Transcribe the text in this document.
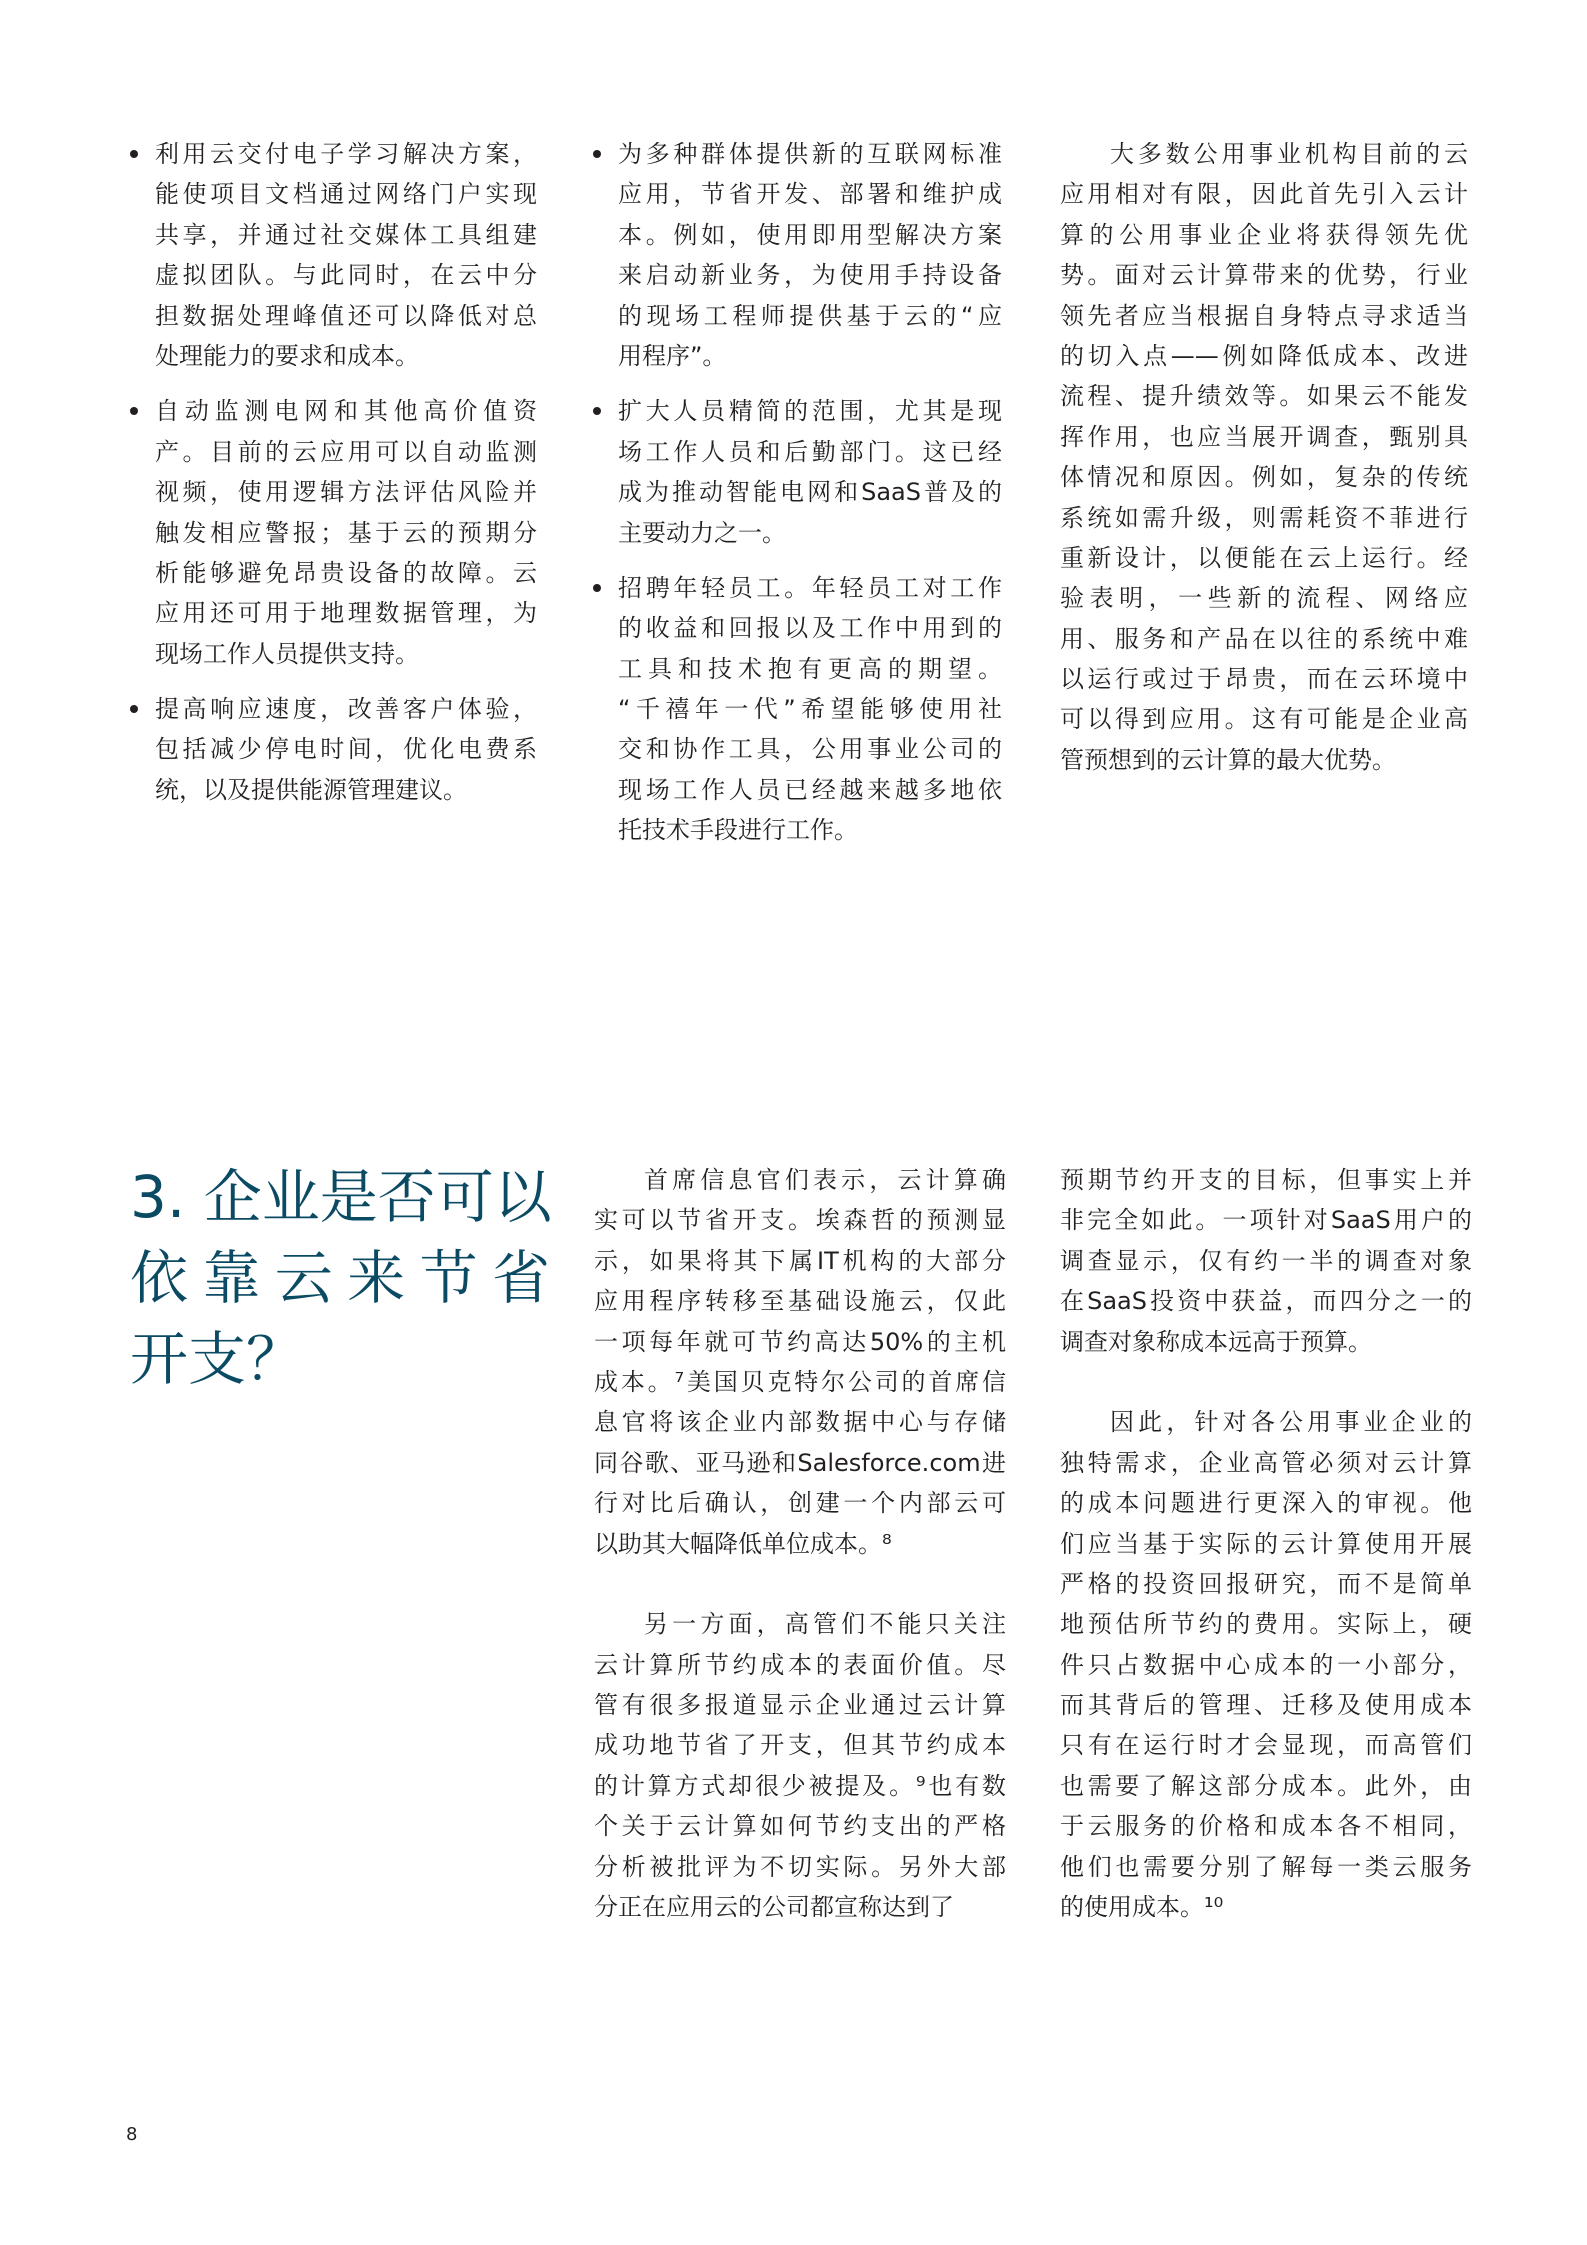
利用云交付电子学习解决方案，
能使项目文档通过网络门户实现
共享，并通过社交媒体工具组建
虚拟团队。与此同时，在云中分
担数据处理峰值还可以降低对总
处理能力的要求和成本。
自动监测电网和其他高价值资
产。目前的云应用可以自动监测
视频，使用逻辑方法评估风险并
触发相应警报；基于云的预期分
析能够避免昂贵设备的故障。云
应用还可用于地理数据管理，为
现场工作人员提供支持。
提高响应速度，改善客户体验，
包括减少停电时间，优化电费系
统，以及提供能源管理建议。
为多种群体提供新的互联网标准
应用，节省开发、部署和维护成
本。例如，使用即用型解决方案
来启动新业务，为使用手持设备
的现场工程师提供基于云的“应
用程序”。
扩大人员精简的范围，尤其是现
场工作人员和后勤部门。这已经
成为推动智能电网和SaaS普及的
主要动力之一。
招聘年轻员工。年轻员工对工作
的收益和回报以及工作中用到的
工具和技术抱有更高的期望。
“千禧年一代”希望能够使用社
交和协作工具，公用事业公司的
现场工作人员已经越来越多地依
托技术手段进行工作。
大多数公用事业机构目前的云
应用相对有限，因此首先引入云计
算的公用事业企业将获得领先优
势。面对云计算带来的优势，行业
领先者应当根据自身特点寻求适当
的切入点——例如降低成本、改进
流程、提升绩效等。如果云不能发
挥作用，也应当展开调查，甄别具
体情况和原因。例如，复杂的传统
系统如需升级，则需耗资不菲进行
重新设计，以便能在云上运行。经
验表明，一些新的流程、网络应
用、服务和产品在以往的系统中难
以运行或过于昂贵，而在云环境中
可以得到应用。这有可能是企业高
管预想到的云计算的最大优势。
3. 企业是否可以
依靠云来节省
开支？
首席信息官们表示，云计算确
实可以节省开支。埃森哲的预测显
示，如果将其下属IT机构的大部分
应用程序转移至基础设施云，仅此
一项每年就可节约高达50%的主机
成本。⁷美国贝克特尔公司的首席信
息官将该企业内部数据中心与存储
同谷歌、亚马逊和Salesforce.com进
行对比后确认，创建一个内部云可
以助其大幅降低单位成本。⁸
另一方面，高管们不能只关注
云计算所节约成本的表面价值。尽
管有很多报道显示企业通过云计算
成功地节省了开支，但其节约成本
的计算方式却很少被提及。⁹也有数
个关于云计算如何节约支出的严格
分析被批评为不切实际。另外大部
分正在应用云的公司都宣称达到了
预期节约开支的目标，但事实上并
非完全如此。一项针对SaaS用户的
调查显示，仅有约一半的调查对象
在SaaS投资中获益，而四分之一的
调查对象称成本远高于预算。
因此，针对各公用事业企业的
独特需求，企业高管必须对云计算
的成本问题进行更深入的审视。他
们应当基于实际的云计算使用开展
严格的投资回报研究，而不是简单
地预估所节约的费用。实际上，硬
件只占数据中心成本的一小部分，
而其背后的管理、迁移及使用成本
只有在运行时才会显现，而高管们
也需要了解这部分成本。此外，由
于云服务的价格和成本各不相同，
他们也需要分别了解每一类云服务
的使用成本。¹⁰
8
